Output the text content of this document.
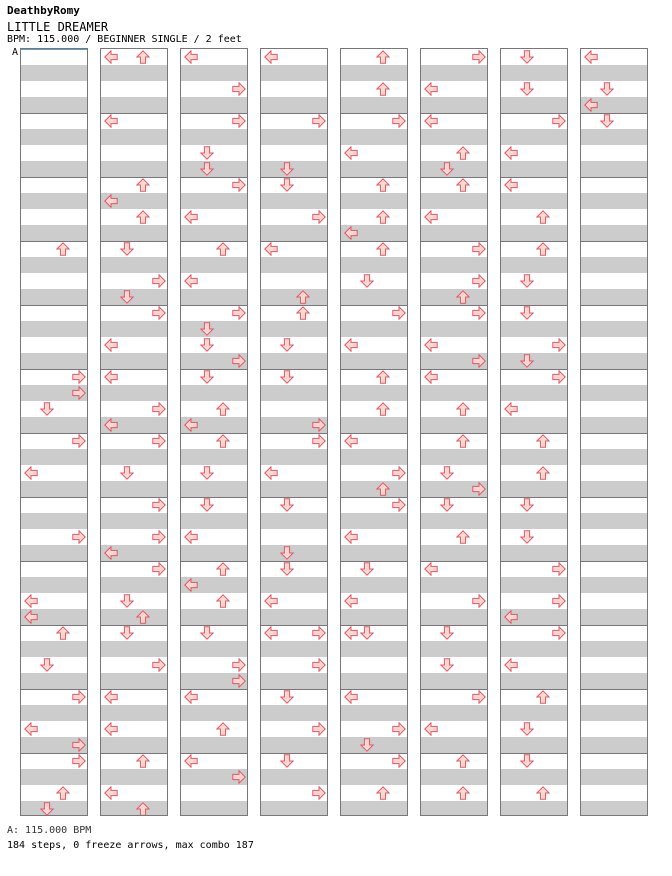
DeathbyRomy
LITTLE DREAMER
BPM: 115.000 / BEGINNER SINGLE / 2 feet
A
A: 115.000 BPM
184 steps, 0 freeze arrows, max combo 187
